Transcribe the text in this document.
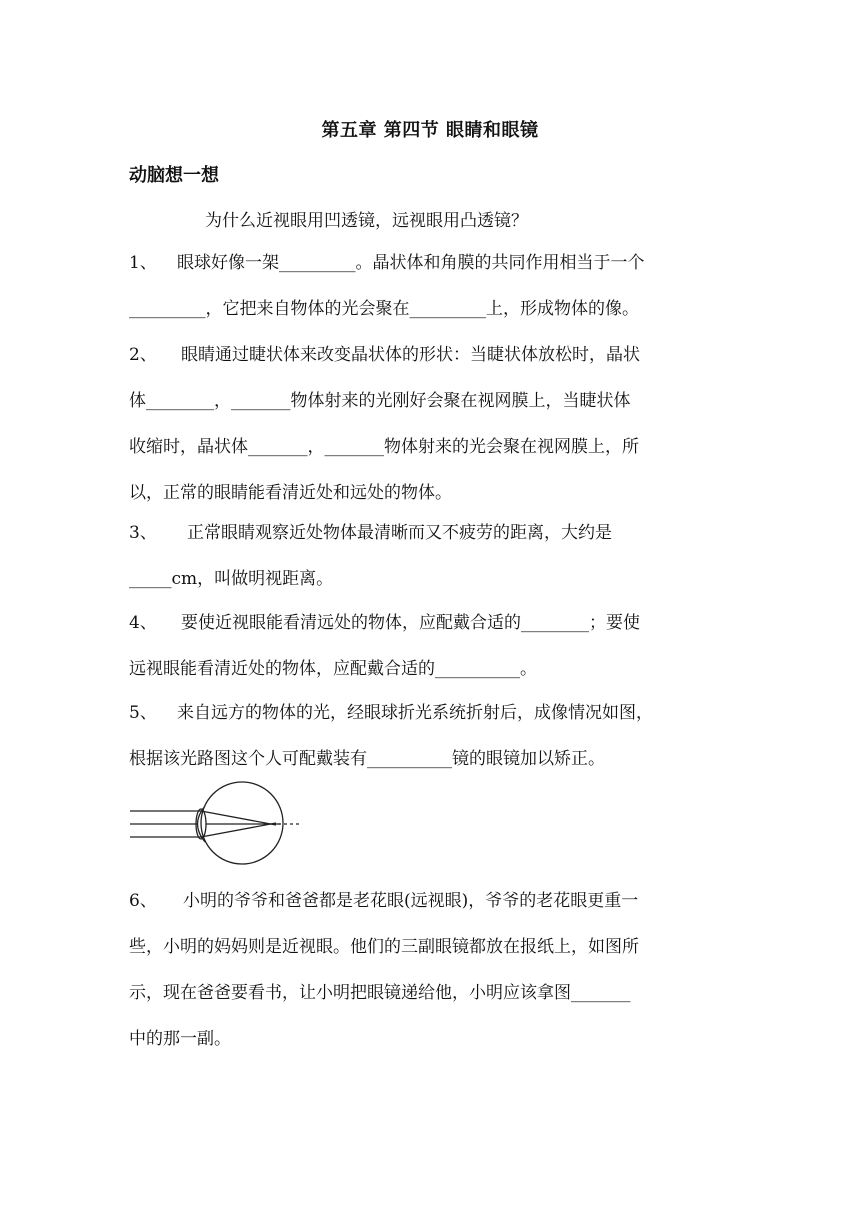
第五章 第四节 眼睛和眼镜
动脑想一想
为什么近视眼用凹透镜，远视眼用凸透镜？
1、 眼球好像一架_________。晶状体和角膜的共同作用相当于一个
_________，它把来自物体的光会聚在_________上，形成物体的像。
2、 眼睛通过睫状体来改变晶状体的形状：当睫状体放松时，晶状
体________，_______物体射来的光刚好会聚在视网膜上，当睫状体
收缩时，晶状体_______，_______物体射来的光会聚在视网膜上，所
以，正常的眼睛能看清近处和远处的物体。
3、 正常眼睛观察近处物体最清晰而又不疲劳的距离，大约是
_____cm，叫做明视距离。
4、 要使近视眼能看清远处的物体，应配戴合适的________；要使
远视眼能看清近处的物体，应配戴合适的__________。
5、 来自远方的物体的光，经眼球折光系统折射后，成像情况如图，
根据该光路图这个人可配戴装有__________镜的眼镜加以矫正。
6、 小明的爷爷和爸爸都是老花眼(远视眼)，爷爷的老花眼更重一
些，小明的妈妈则是近视眼。他们的三副眼镜都放在报纸上，如图所
示，现在爸爸要看书，让小明把眼镜递给他，小明应该拿图_______
中的那一副。
